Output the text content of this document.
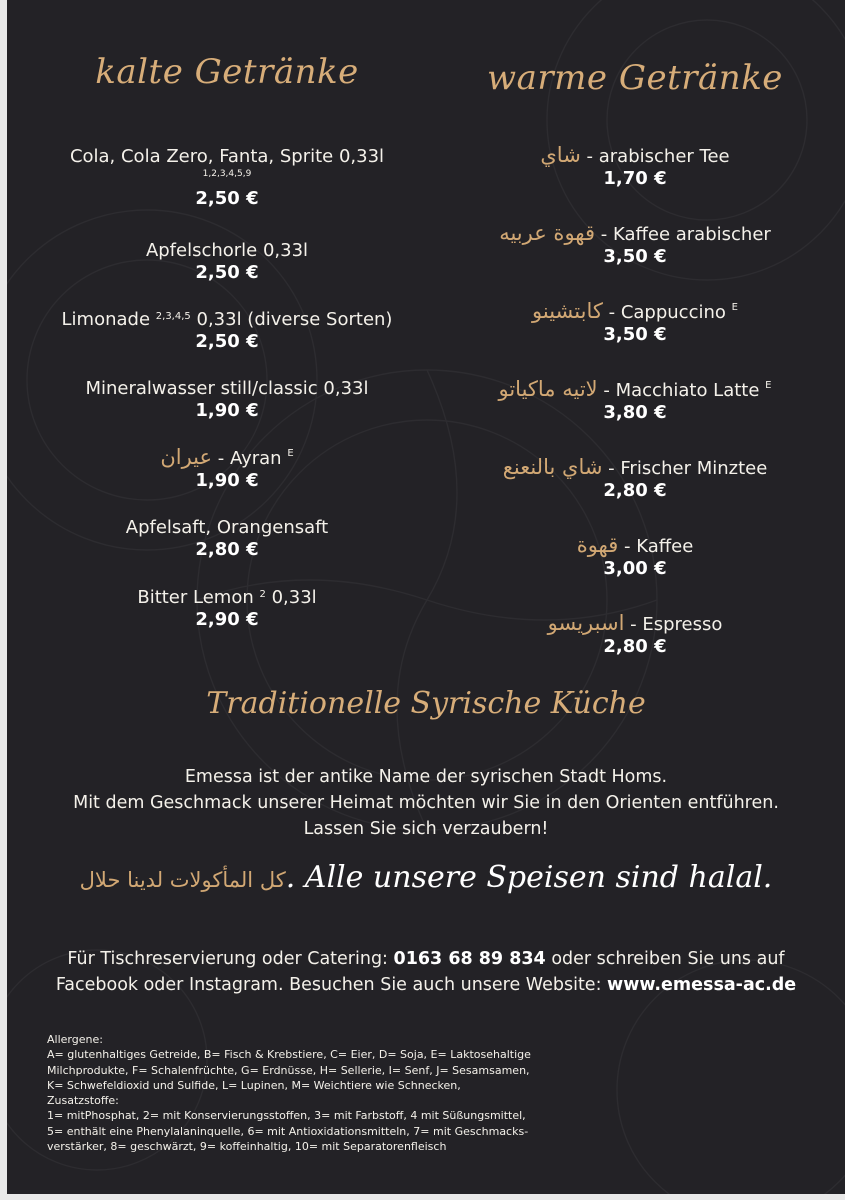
kalte Getränke
Cola, Cola Zero, Fanta, Sprite 0,33l
1,2,3,4,5,9
2,50 €
Apfelschorle 0,33l
2,50 €
Limonade $^{2,3,4,5}$ 0,33l (diverse Sorten)
2,50 €
Mineralwasser still/classic 0,33l
1,90 €
عيران - Ayran $^E$
1,90 €
Apfelsaft, Orangensaft
2,80 €
Bitter Lemon $^2$ 0,33l
2,90 €
warme Getränke
شاي - arabischer Tee
1,70 €
قهوة عربيه - Kaffee arabischer
3,50 €
كابتشينو - Cappuccino $^E$
3,50 €
لاتيه ماكياتو - Macchiato Latte $^E$
3,80 €
شاي بالنعنع - Frischer Minztee
2,80 €
قهوة - Kaffee
3,00 €
اسبريسو - Espresso
2,80 €
Traditionelle Syrische Küche
Emessa ist der antike Name der syrischen Stadt Homs.
Mit dem Geschmack unserer Heimat möchten wir Sie in den Orienten entführen.
Lassen Sie sich verzaubern!
كل المأكولات لدينا حلال. Alle unsere Speisen sind halal.
Für Tischreservierung oder Catering: 0163 68 89 834 oder schreiben Sie uns auf
Facebook oder Instagram. Besuchen Sie auch unsere Website: www.emessa-ac.de
Allergene:
A= glutenhaltiges Getreide, B= Fisch & Krebstiere, C= Eier, D= Soja, E= Laktosehaltige
Milchprodukte, F= Schalenfrüchte, G= Erdnüsse, H= Sellerie, I= Senf, J= Sesamsamen,
K= Schwefeldioxid und Sulfide, L= Lupinen, M= Weichtiere wie Schnecken,
Zusatzstoffe:
1= mitPhosphat, 2= mit Konservierungsstoffen, 3= mit Farbstoff, 4 mit Süßungsmittel,
5= enthält eine Phenylalaninquelle, 6= mit Antioxidationsmitteln, 7= mit Geschmacks-
verstärker, 8= geschwärzt, 9= koffeinhaltig, 10= mit Separatorenfleisch
